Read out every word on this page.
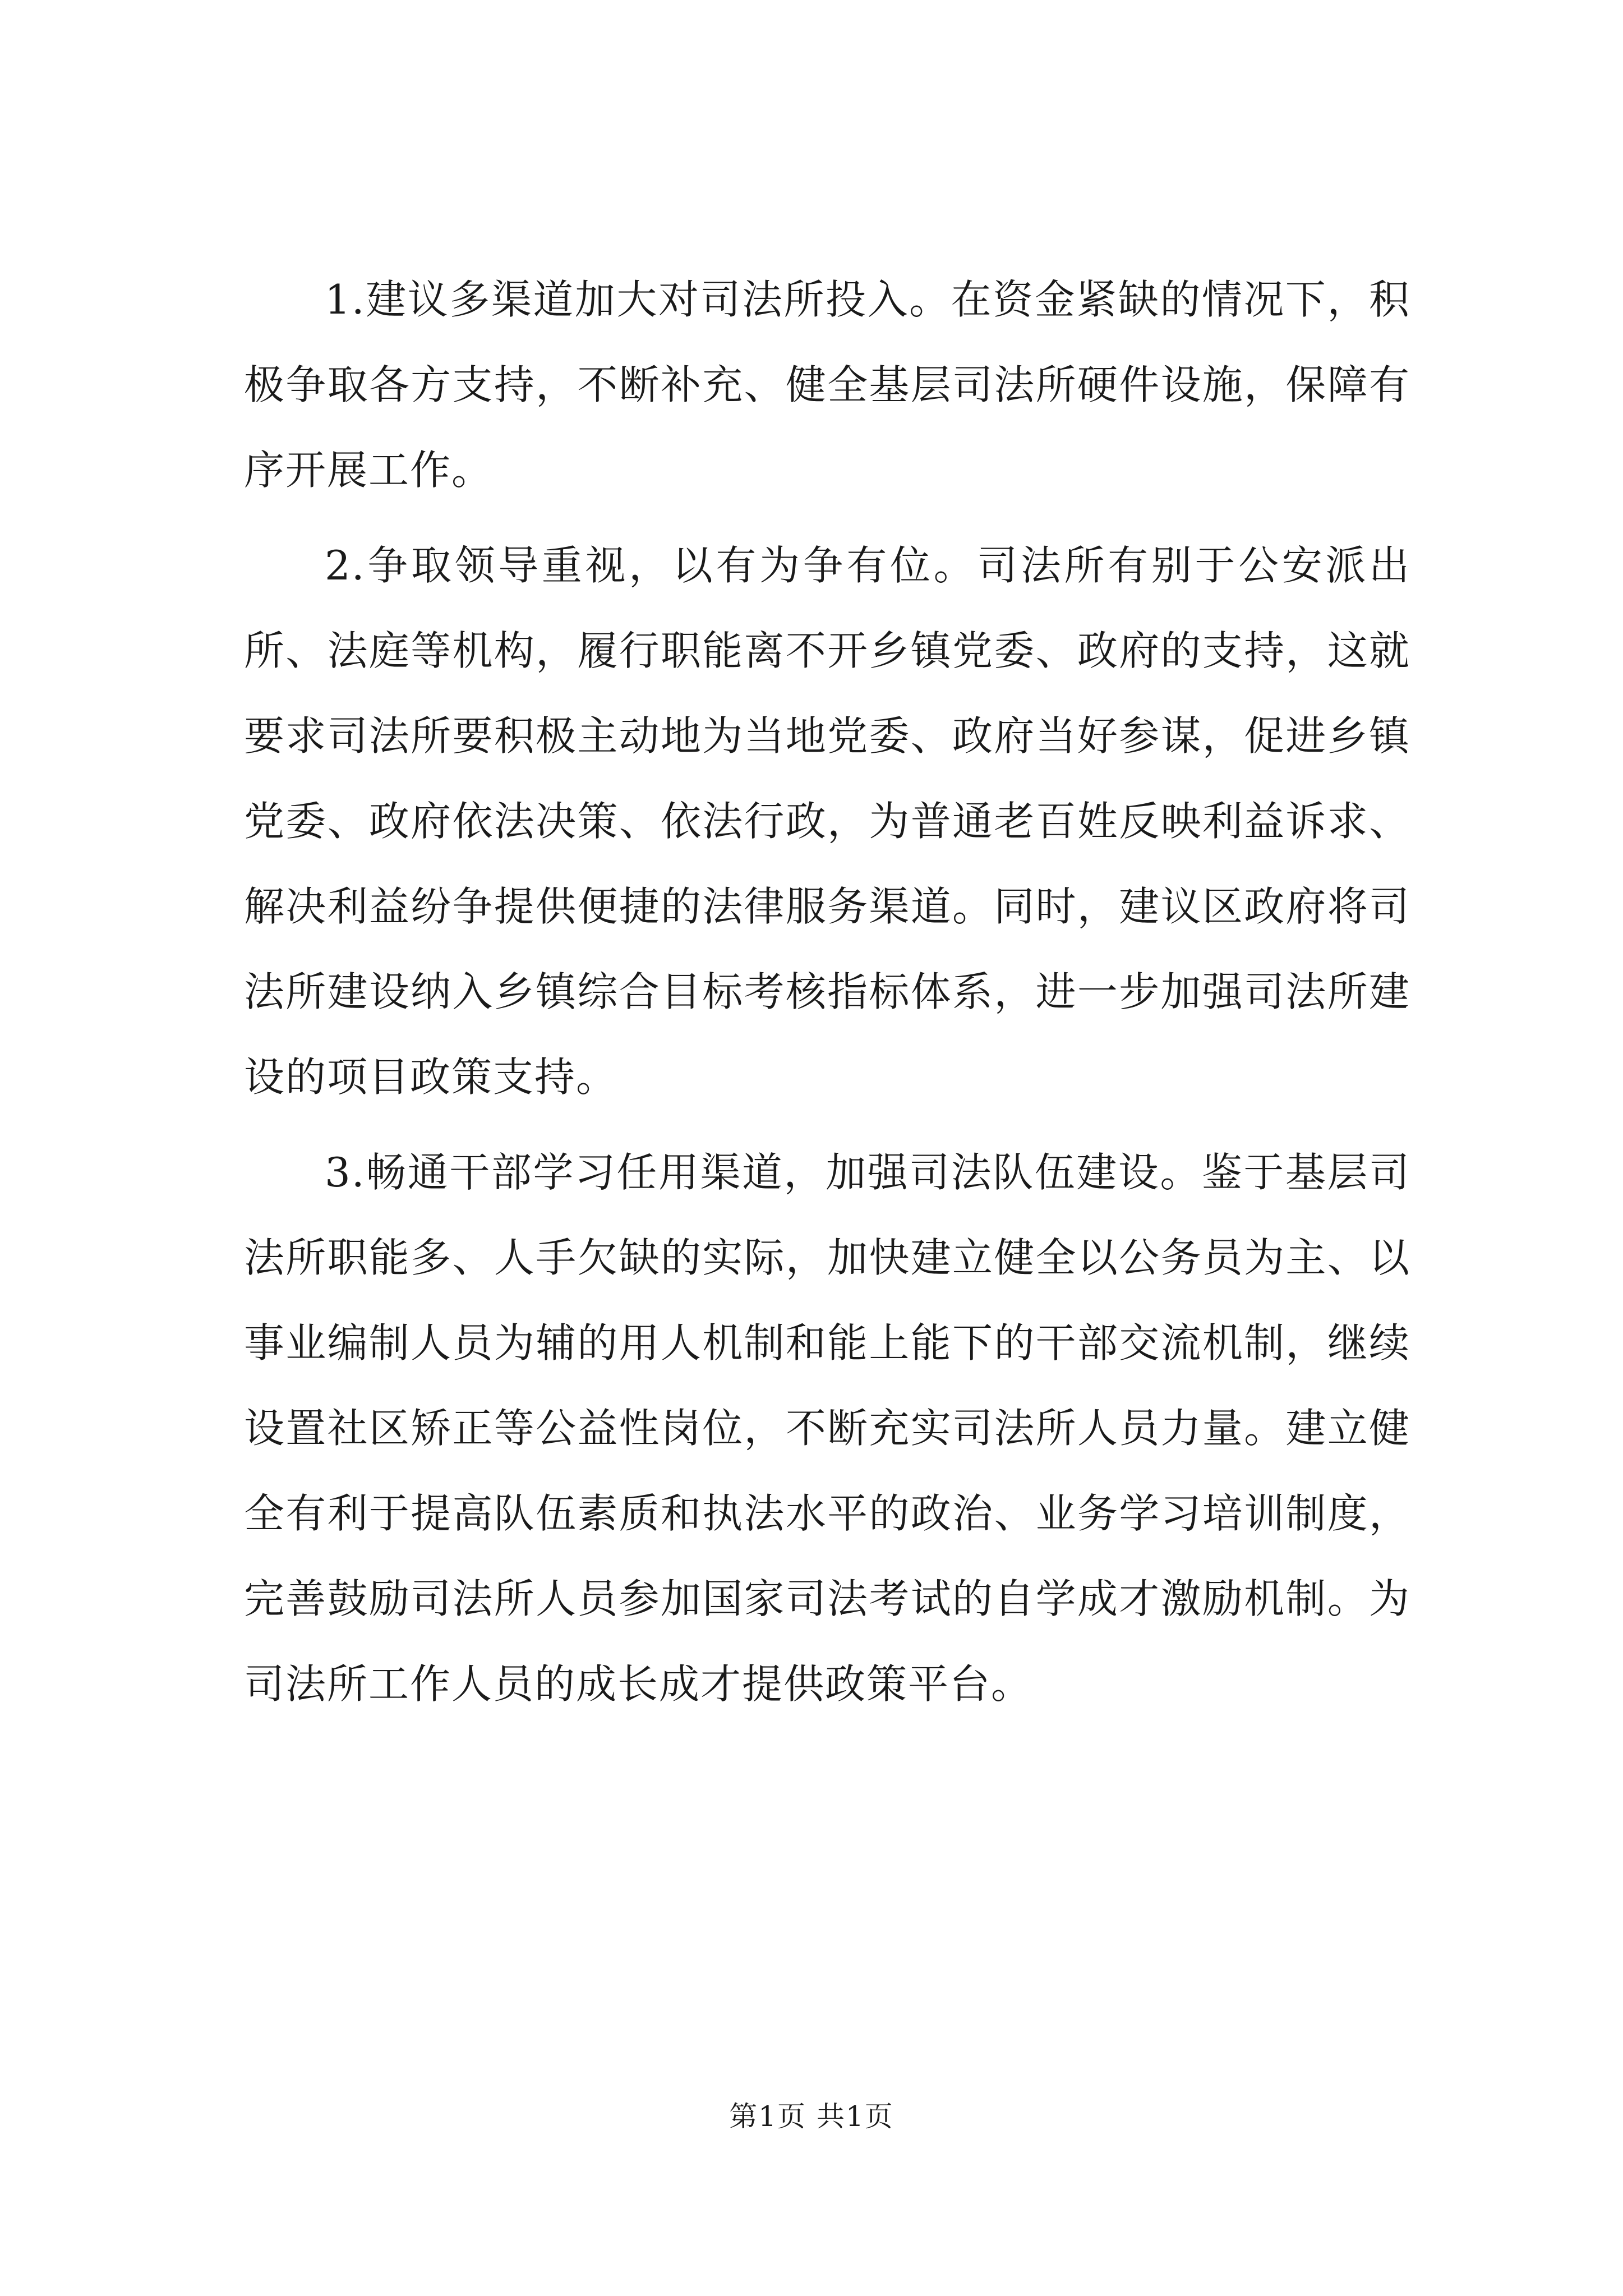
1.建议多渠道加大对司法所投入。在资金紧缺的情况下，积极争取各方支持，不断补充、健全基层司法所硬件设施，保障有序开展工作。

2.争取领导重视，以有为争有位。司法所有别于公安派出所、法庭等机构，履行职能离不开乡镇党委、政府的支持，这就要求司法所要积极主动地为当地党委、政府当好参谋，促进乡镇党委、政府依法决策、依法行政，为普通老百姓反映利益诉求、解决利益纷争提供便捷的法律服务渠道。同时，建议区政府将司法所建设纳入乡镇综合目标考核指标体系，进一步加强司法所建设的项目政策支持。

3.畅通干部学习任用渠道，加强司法队伍建设。鉴于基层司法所职能多、人手欠缺的实际，加快建立健全以公务员为主、以事业编制人员为辅的用人机制和能上能下的干部交流机制，继续设置社区矫正等公益性岗位，不断充实司法所人员力量。建立健全有利于提高队伍素质和执法水平的政治、业务学习培训制度，完善鼓励司法所人员参加国家司法考试的自学成才激励机制。为司法所工作人员的成长成才提供政策平台。

第1页 共1页
